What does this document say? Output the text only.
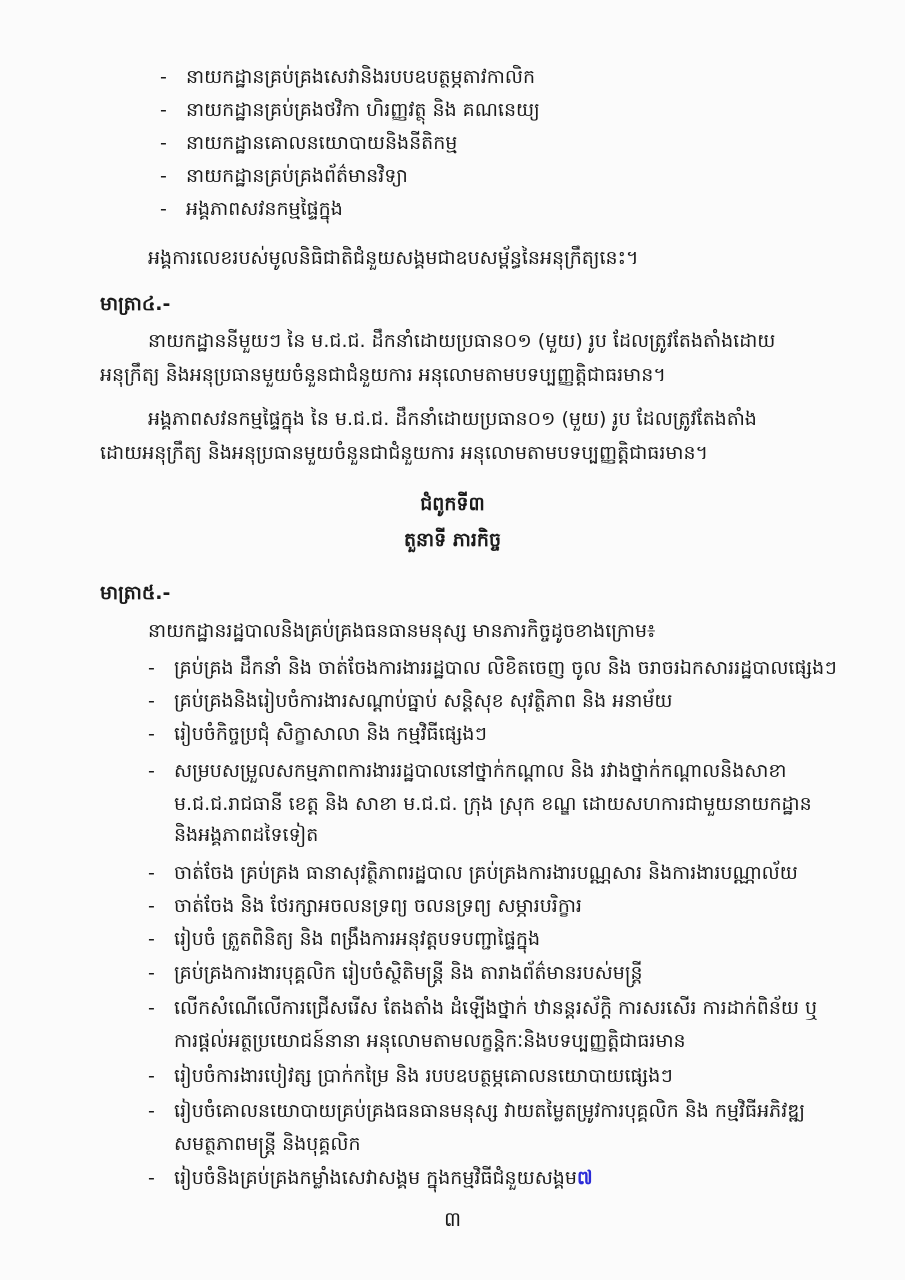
- នាយកដ្ឋានគ្រប់គ្រងសេវានិងរបបឧបត្ថម្ភតាវកាលិក
- នាយកដ្ឋានគ្រប់គ្រងថវិកា ហិរញ្ញវត្ថុ និង គណនេយ្យ
- នាយកដ្ឋានគោលនយោបាយនិងនីតិកម្ម
- នាយកដ្ឋានគ្រប់គ្រងព័ត៌មានវិទ្យា
- អង្គភាពសវនកម្មផ្ទៃក្នុង
អង្គការលេខរបស់មូលនិធិជាតិជំនួយសង្គមជាឧបសម្ព័ន្ធនៃអនុក្រឹត្យនេះ។
មាត្រា៤.-
នាយកដ្ឋាននីមួយៗ នៃ ម.ជ.ជ. ដឹកនាំដោយប្រធាន០១ (មួយ) រូប ដែលត្រូវតែងតាំងដោយ
អនុក្រឹត្យ និងអនុប្រធានមួយចំនួនជាជំនួយការ អនុលោមតាមបទប្បញ្ញត្តិជាធរមាន។
អង្គភាពសវនកម្មផ្ទៃក្នុង នៃ ម.ជ.ជ. ដឹកនាំដោយប្រធាន០១ (មួយ) រូប ដែលត្រូវតែងតាំង
ដោយអនុក្រឹត្យ និងអនុប្រធានមួយចំនួនជាជំនួយការ អនុលោមតាមបទប្បញ្ញត្តិជាធរមាន។
ជំពូកទី៣
តួនាទី ភារកិច្ច
មាត្រា៥.-
នាយកដ្ឋានរដ្ឋបាលនិងគ្រប់គ្រងធនធានមនុស្ស មានភារកិច្ចដូចខាងក្រោម៖
- គ្រប់គ្រង ដឹកនាំ និង ចាត់ចែងការងាររដ្ឋបាល លិខិតចេញ ចូល និង ចរាចរឯកសាររដ្ឋបាលផ្សេងៗ
- គ្រប់គ្រងនិងរៀបចំការងារសណ្តាប់ធ្នាប់ សន្តិសុខ សុវត្ថិភាព និង អនាម័យ
- រៀបចំកិច្ចប្រជុំ សិក្ខាសាលា និង កម្មវិធីផ្សេងៗ
- សម្របសម្រួលសកម្មភាពការងាររដ្ឋបាលនៅថ្នាក់កណ្តាល និង រវាងថ្នាក់កណ្តាលនិងសាខា
ម.ជ.ជ.រាជធានី ខេត្ត និង សាខា ម.ជ.ជ. ក្រុង ស្រុក ខណ្ឌ ដោយសហការជាមួយនាយកដ្ឋាន
និងអង្គភាពដទៃទៀត
- ចាត់ចែង គ្រប់គ្រង ធានាសុវត្ថិភាពរដ្ឋបាល គ្រប់គ្រងការងារបណ្ណសារ និងការងារបណ្ណាល័យ
- ចាត់ចែង និង ថែរក្សាអចលនទ្រព្យ ចលនទ្រព្យ សម្ភារបរិក្ខារ
- រៀបចំ ត្រួតពិនិត្យ និង ពង្រឹងការអនុវត្តបទបញ្ជាផ្ទៃក្នុង
- គ្រប់គ្រងការងារបុគ្គលិក រៀបចំស្ថិតិមន្ត្រី និង តារាងព័ត៌មានរបស់មន្ត្រី
- លើកសំណើលើការជ្រើសរើស តែងតាំង ដំឡើងថ្នាក់ ឋានន្តរស័ក្តិ ការសរសើរ ការដាក់ពិន័យ ឬ
ការផ្តល់អត្ថប្រយោជន៍នានា អនុលោមតាមលក្ខន្តិកៈនិងបទប្បញ្ញត្តិជាធរមាន
- រៀបចំការងារបៀវត្ស ប្រាក់កម្រៃ និង របបឧបត្ថម្ភគោលនយោបាយផ្សេងៗ
- រៀបចំគោលនយោបាយគ្រប់គ្រងធនធានមនុស្ស វាយតម្លៃតម្រូវការបុគ្គលិក និង កម្មវិធីអភិវឌ្ឍ
សមត្ថភាពមន្ត្រី និងបុគ្គលិក
- រៀបចំនិងគ្រប់គ្រងកម្លាំងសេវាសង្គម ក្នុងកម្មវិធីជំនួយសង្គម៧
៣
